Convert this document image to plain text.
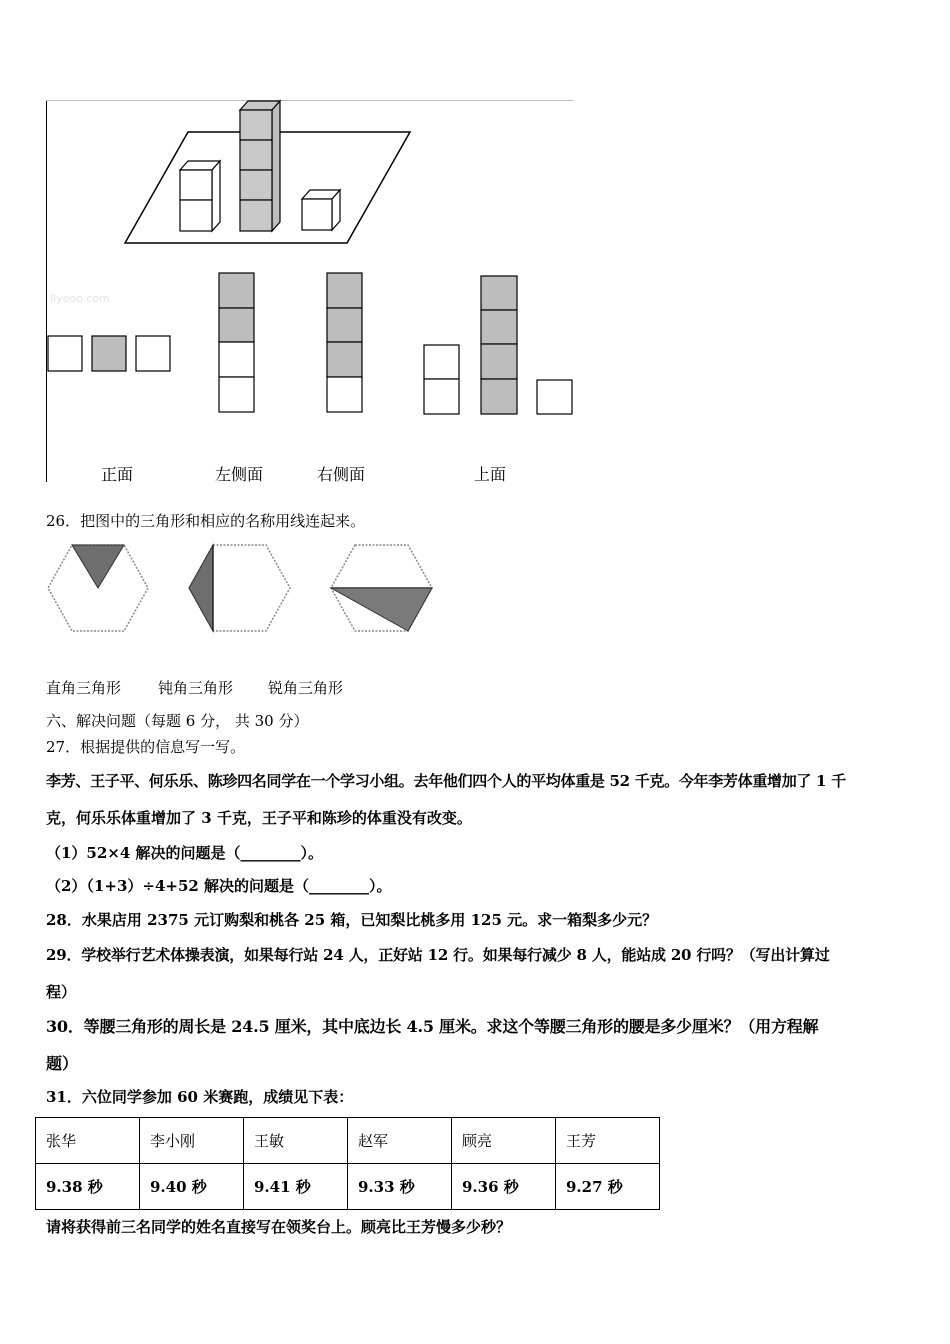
llyeoo.com
正面	左侧面	右侧面	上面
26．把图中的三角形和相应的名称用线连起来。
直角三角形 钝角三角形 锐角三角形
六、解决问题（每题 6 分， 共 30 分）
27．根据提供的信息写一写。
李芳、王子平、何乐乐、陈珍四名同学在一个学习小组。去年他们四个人的平均体重是 52 千克。今年李芳体重增加了 1 千
克，何乐乐体重增加了 3 千克，王子平和陈珍的体重没有改变。
（1）52×4 解决的问题是（________）。
（2）（1+3）÷4+52 解决的问题是（________）。
28．水果店用 2375 元订购梨和桃各 25 箱，已知梨比桃多用 125 元。求一箱梨多少元？
29．学校举行艺术体操表演，如果每行站 24 人，正好站 12 行。如果每行减少 8 人，能站成 20 行吗？（写出计算过
程）
30．等腰三角形的周长是 24.5 厘米，其中底边长 4.5 厘米。求这个等腰三角形的腰是多少厘米？（用方程解
题）
31．六位同学参加 60 米赛跑，成绩见下表：
张华	李小刚	王敏	赵军	顾亮	王芳
9.38 秒	9.40 秒	9.41 秒	9.33 秒	9.36 秒	9.27 秒
请将获得前三名同学的姓名直接写在领奖台上。顾亮比王芳慢多少秒？
